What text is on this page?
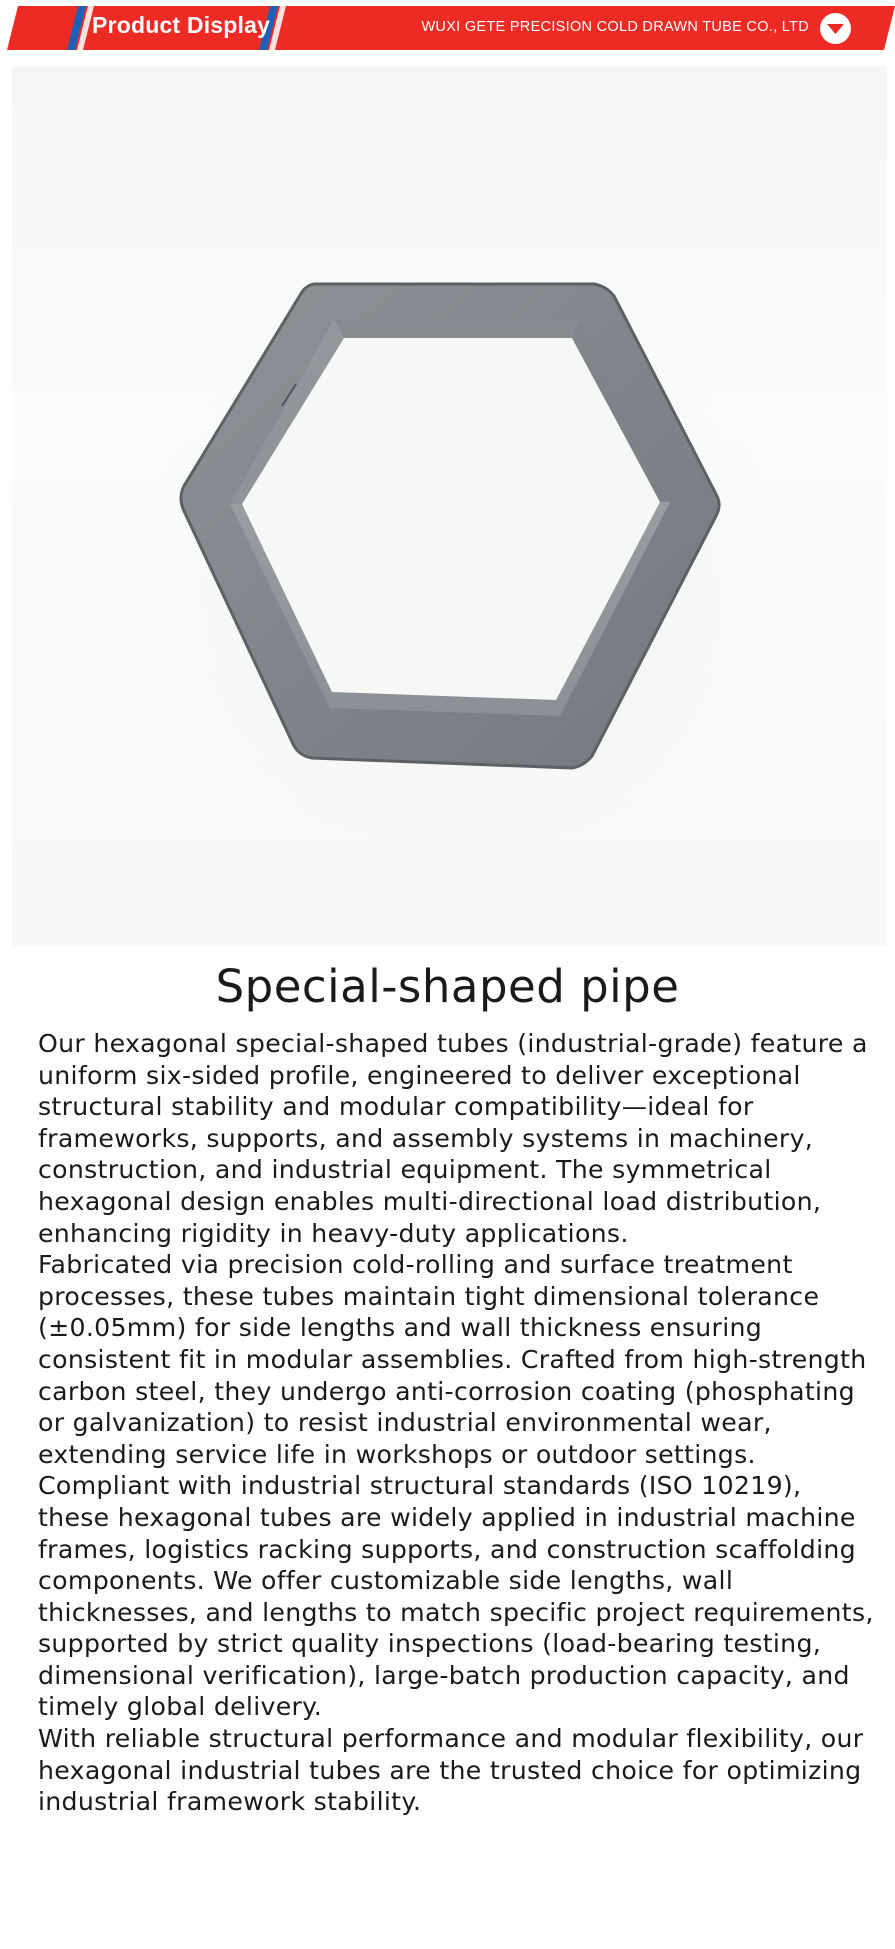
Product Display	WUXI GETE PRECISION COLD DRAWN TUBE CO., LTD
Special-shaped pipe

Our hexagonal special-shaped tubes (industrial-grade) feature a uniform six-sided profile, engineered to deliver exceptional structural stability and modular compatibility—ideal for frameworks, supports, and assembly systems in machinery, construction, and industrial equipment. The symmetrical hexagonal design enables multi-directional load distribution, enhancing rigidity in heavy-duty applications.

Fabricated via precision cold-rolling and surface treatment processes, these tubes maintain tight dimensional tolerance (±0.05mm) for side lengths and wall thickness ensuring consistent fit in modular assemblies. Crafted from high-strength carbon steel, they undergo anti-corrosion coating (phosphating or galvanization) to resist industrial environmental wear, extending service life in workshops or outdoor settings.

Compliant with industrial structural standards (ISO 10219), these hexagonal tubes are widely applied in industrial machine frames, logistics racking supports, and construction scaffolding components. We offer customizable side lengths, wall thicknesses, and lengths to match specific project requirements, supported by strict quality inspections (load-bearing testing, dimensional verification), large-batch production capacity, and timely global delivery.

With reliable structural performance and modular flexibility, our hexagonal industrial tubes are the trusted choice for optimizing industrial framework stability.
